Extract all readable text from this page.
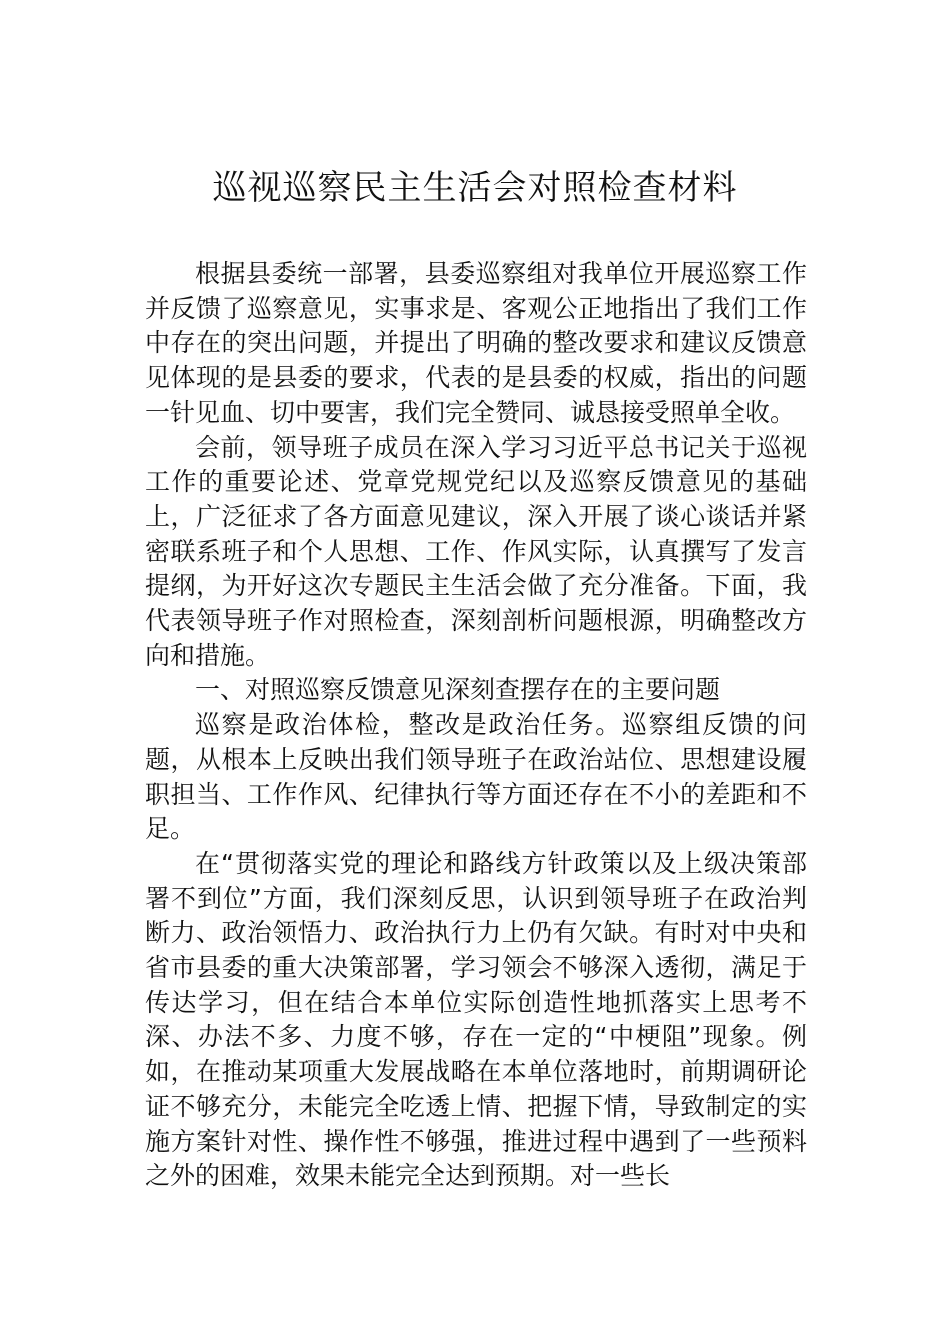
巡视巡察民主生活会对照检查材料

根据县委统一部署，县委巡察组对我单位开展巡察工作并反馈了巡察意见，实事求是、客观公正地指出了我们工作中存在的突出问题，并提出了明确的整改要求和建议反馈意见体现的是县委的要求，代表的是县委的权威，指出的问题一针见血、切中要害，我们完全赞同、诚恳接受照单全收。

会前，领导班子成员在深入学习习近平总书记关于巡视工作的重要论述、党章党规党纪以及巡察反馈意见的基础上，广泛征求了各方面意见建议，深入开展了谈心谈话并紧密联系班子和个人思想、工作、作风实际，认真撰写了发言提纲，为开好这次专题民主生活会做了充分准备。下面，我代表领导班子作对照检查，深刻剖析问题根源，明确整改方向和措施。

一、对照巡察反馈意见深刻查摆存在的主要问题

巡察是政治体检，整改是政治任务。巡察组反馈的问题，从根本上反映出我们领导班子在政治站位、思想建设履职担当、工作作风、纪律执行等方面还存在不小的差距和不足。

在“贯彻落实党的理论和路线方针政策以及上级决策部署不到位”方面，我们深刻反思，认识到领导班子在政治判断力、政治领悟力、政治执行力上仍有欠缺。有时对中央和省市县委的重大决策部署，学习领会不够深入透彻，满足于传达学习，但在结合本单位实际创造性地抓落实上思考不深、办法不多、力度不够，存在一定的“中梗阻”现象。例如，在推动某项重大发展战略在本单位落地时，前期调研论证不够充分，未能完全吃透上情、把握下情，导致制定的实施方案针对性、操作性不够强，推进过程中遇到了一些预料之外的困难，效果未能完全达到预期。对一些长
